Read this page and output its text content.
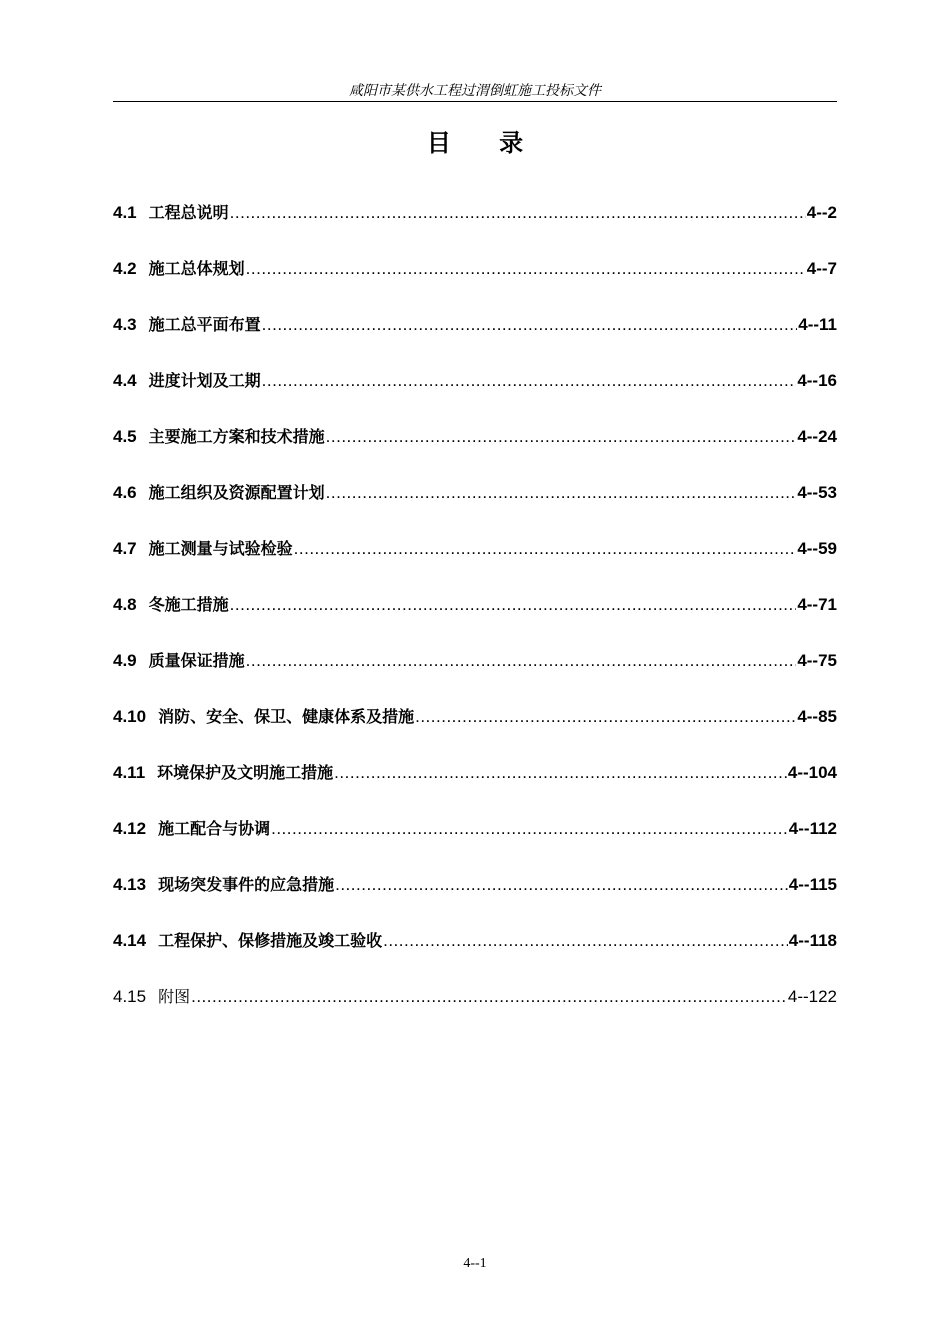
咸阳市某供水工程过渭倒虹施工投标文件
目 录
4.1 工程总说明 .....	4--2
4.2 施工总体规划 .....	4--7
4.3 施工总平面布置 .....	4--11
4.4 进度计划及工期 .....	4--16
4.5 主要施工方案和技术措施 .....	4--24
4.6 施工组织及资源配置计划 .....	4--53
4.7 施工测量与试验检验 .....	4--59
4.8 冬施工措施 .....	4--71
4.9 质量保证措施 .....	4--75
4.10 消防、安全、保卫、健康体系及措施 .....	4--85
4.11 环境保护及文明施工措施 .....	4--104
4.12 施工配合与协调 .....	4--112
4.13 现场突发事件的应急措施 .....	4--115
4.14 工程保护、保修措施及竣工验收 .....	4--118
4.15 附图 .....	4--122
4--1
